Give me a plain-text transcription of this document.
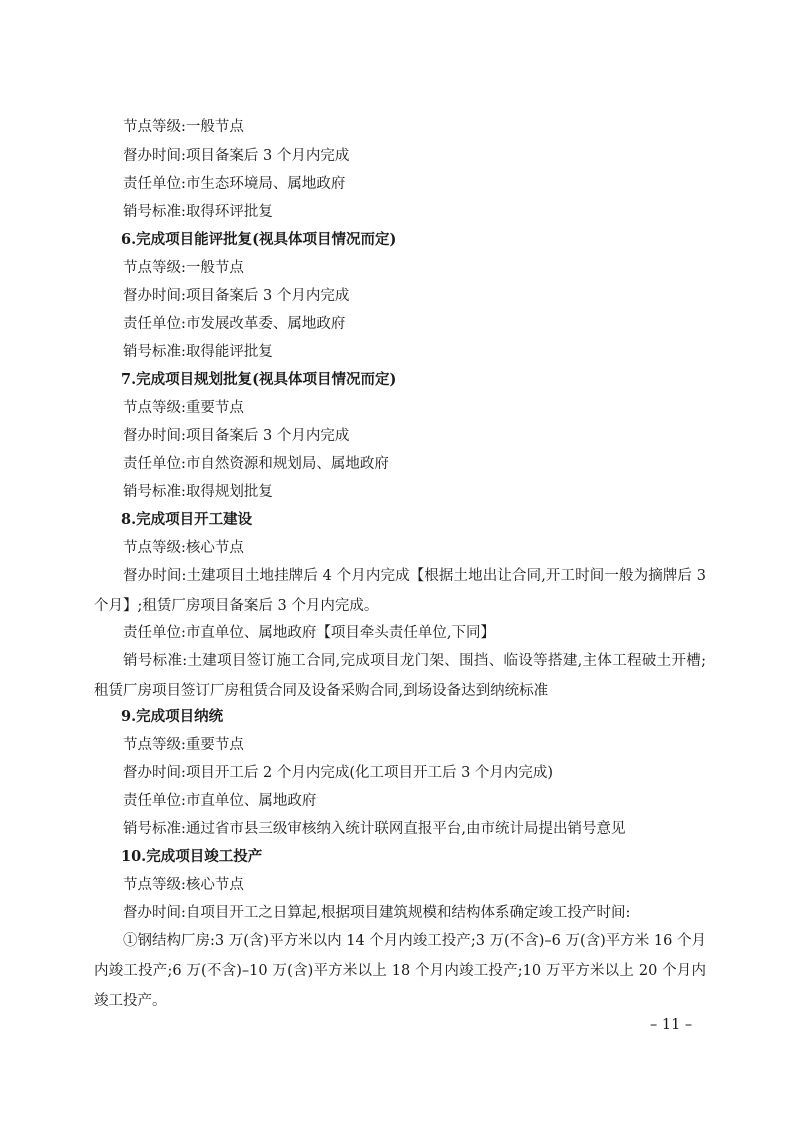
节点等级:一般节点
督办时间:项目备案后 3 个月内完成
责任单位:市生态环境局、属地政府
销号标准:取得环评批复
6.完成项目能评批复(视具体项目情况而定)
节点等级:一般节点
督办时间:项目备案后 3 个月内完成
责任单位:市发展改革委、属地政府
销号标准:取得能评批复
7.完成项目规划批复(视具体项目情况而定)
节点等级:重要节点
督办时间:项目备案后 3 个月内完成
责任单位:市自然资源和规划局、属地政府
销号标准:取得规划批复
8.完成项目开工建设
节点等级:核心节点
督办时间:土建项目土地挂牌后 4 个月内完成【根据土地出让合同,开工时间一般为摘牌后 3 个月】;租赁厂房项目备案后 3 个月内完成。
责任单位:市直单位、属地政府【项目牵头责任单位,下同】
销号标准:土建项目签订施工合同,完成项目龙门架、围挡、临设等搭建,主体工程破土开槽;租赁厂房项目签订厂房租赁合同及设备采购合同,到场设备达到纳统标准
9.完成项目纳统
节点等级:重要节点
督办时间:项目开工后 2 个月内完成(化工项目开工后 3 个月内完成)
责任单位:市直单位、属地政府
销号标准:通过省市县三级审核纳入统计联网直报平台,由市统计局提出销号意见
10.完成项目竣工投产
节点等级:核心节点
督办时间:自项目开工之日算起,根据项目建筑规模和结构体系确定竣工投产时间:
①钢结构厂房:3 万(含)平方米以内 14 个月内竣工投产;3 万(不含)–6 万(含)平方米 16 个月内竣工投产;6 万(不含)–10 万(含)平方米以上 18 个月内竣工投产;10 万平方米以上 20 个月内竣工投产。
– 11 –
